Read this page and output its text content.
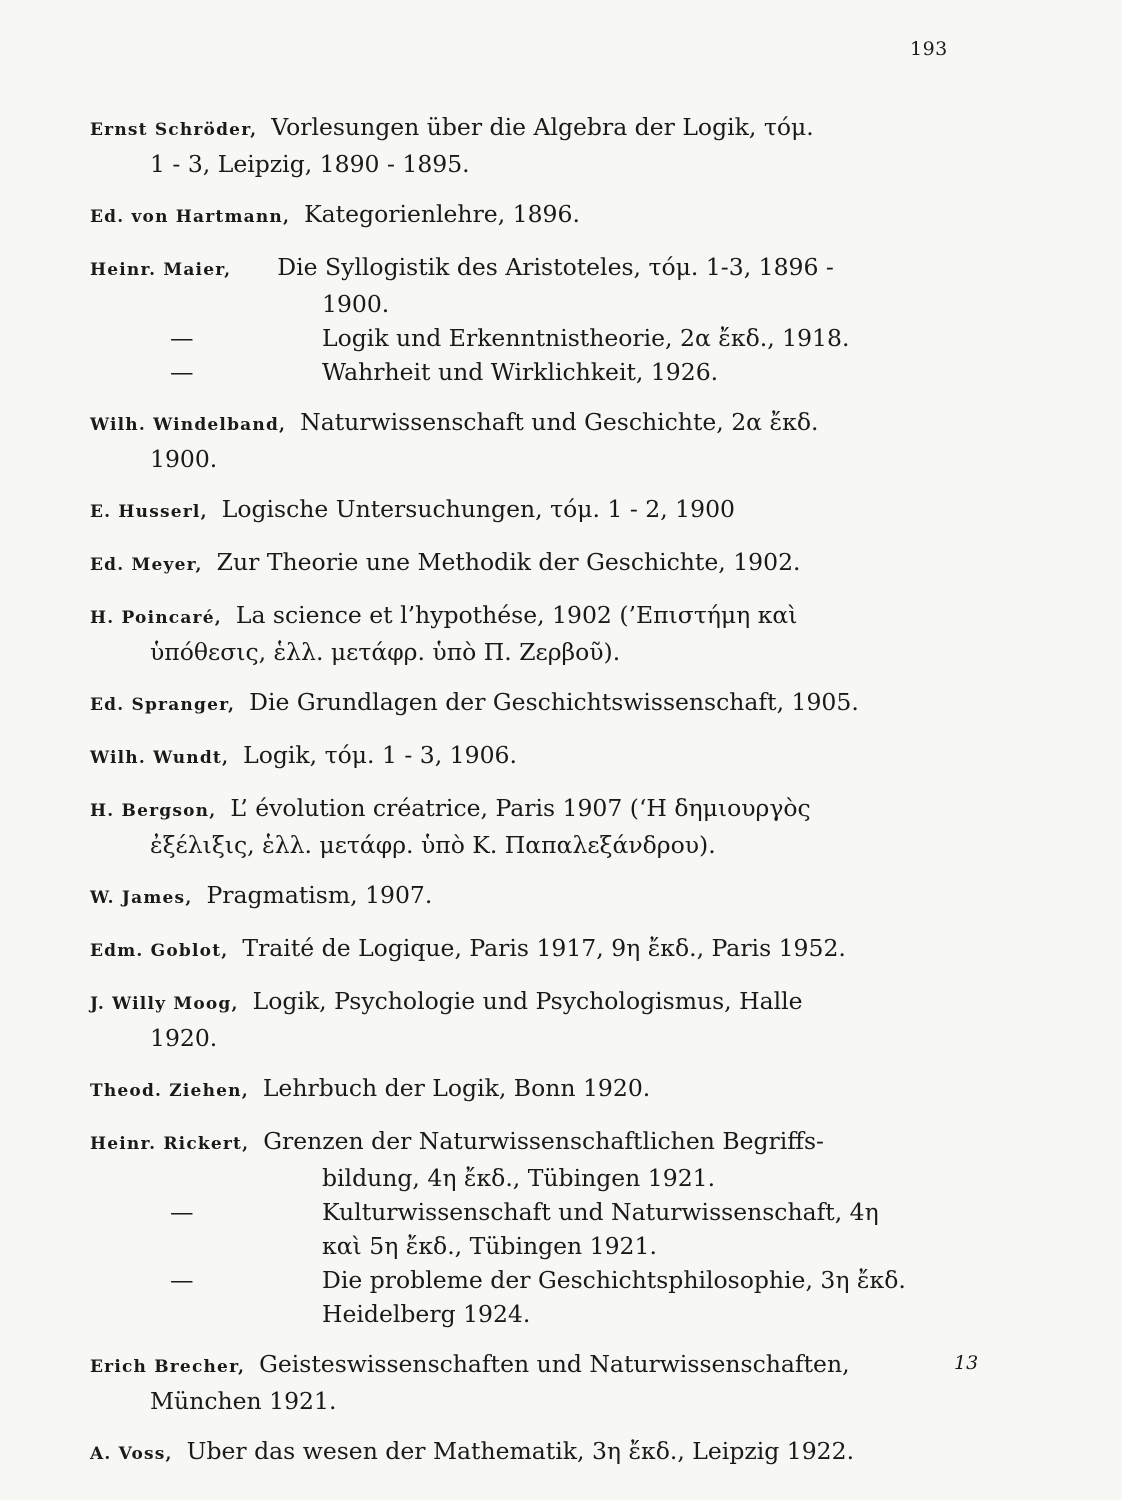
193
Ernst Schröder, Vorlesungen über die Algebra der Logik, τόμ.
1 - 3, Leipzig, 1890 - 1895.
Ed. von Hartmann, Kategorienlehre, 1896.
Heinr. Maier,	Die Syllogistik des Aristoteles, τόμ. 1-3, 1896 -
1900.
—	Logik und Erkenntnistheorie, 2α ἔκδ., 1918.
—	Wahrheit und Wirklichkeit, 1926.
Wilh. Windelband, Naturwissenschaft und Geschichte, 2α ἔκδ.
1900.
E. Husserl, Logische Untersuchungen, τόμ. 1 - 2, 1900
Ed. Meyer, Zur Theorie une Methodik der Geschichte, 1902.
H. Poincaré, La science et l’hypothése, 1902 (’Επιστήμη καὶ
ὑπόθεσις, ἑλλ. μετάφρ. ὑπὸ Π. Ζερβοῦ).
Ed. Spranger, Die Grundlagen der Geschichtswissenschaft, 1905.
Wilh. Wundt, Logik, τόμ. 1 - 3, 1906.
H. Bergson, L’ évolution créatrice, Paris 1907 (‘Η δημιουργὸς
ἐξέλιξις, ἑλλ. μετάφρ. ὑπὸ Κ. Παπαλεξάνδρου).
W. James, Pragmatism, 1907.
Edm. Goblot, Traité de Logique, Paris 1917, 9η ἔκδ., Paris 1952.
J. Willy Moog, Logik, Psychologie und Psychologismus, Halle
1920.
Theod. Ziehen, Lehrbuch der Logik, Bonn 1920.
Heinr. Rickert, Grenzen der Naturwissenschaftlichen Begriffs-
bildung, 4η ἔκδ., Tübingen 1921.
—	Kulturwissenschaft und Naturwissenschaft, 4η
καὶ 5η ἔκδ., Tübingen 1921.
—	Die probleme der Geschichtsphilosophie, 3η ἔκδ.
Heidelberg 1924.
Erich Brecher, Geisteswissenschaften und Naturwissenschaften,
München 1921.
A. Voss, Uber das wesen der Mathematik, 3η ἔκδ., Leipzig 1922.
13
